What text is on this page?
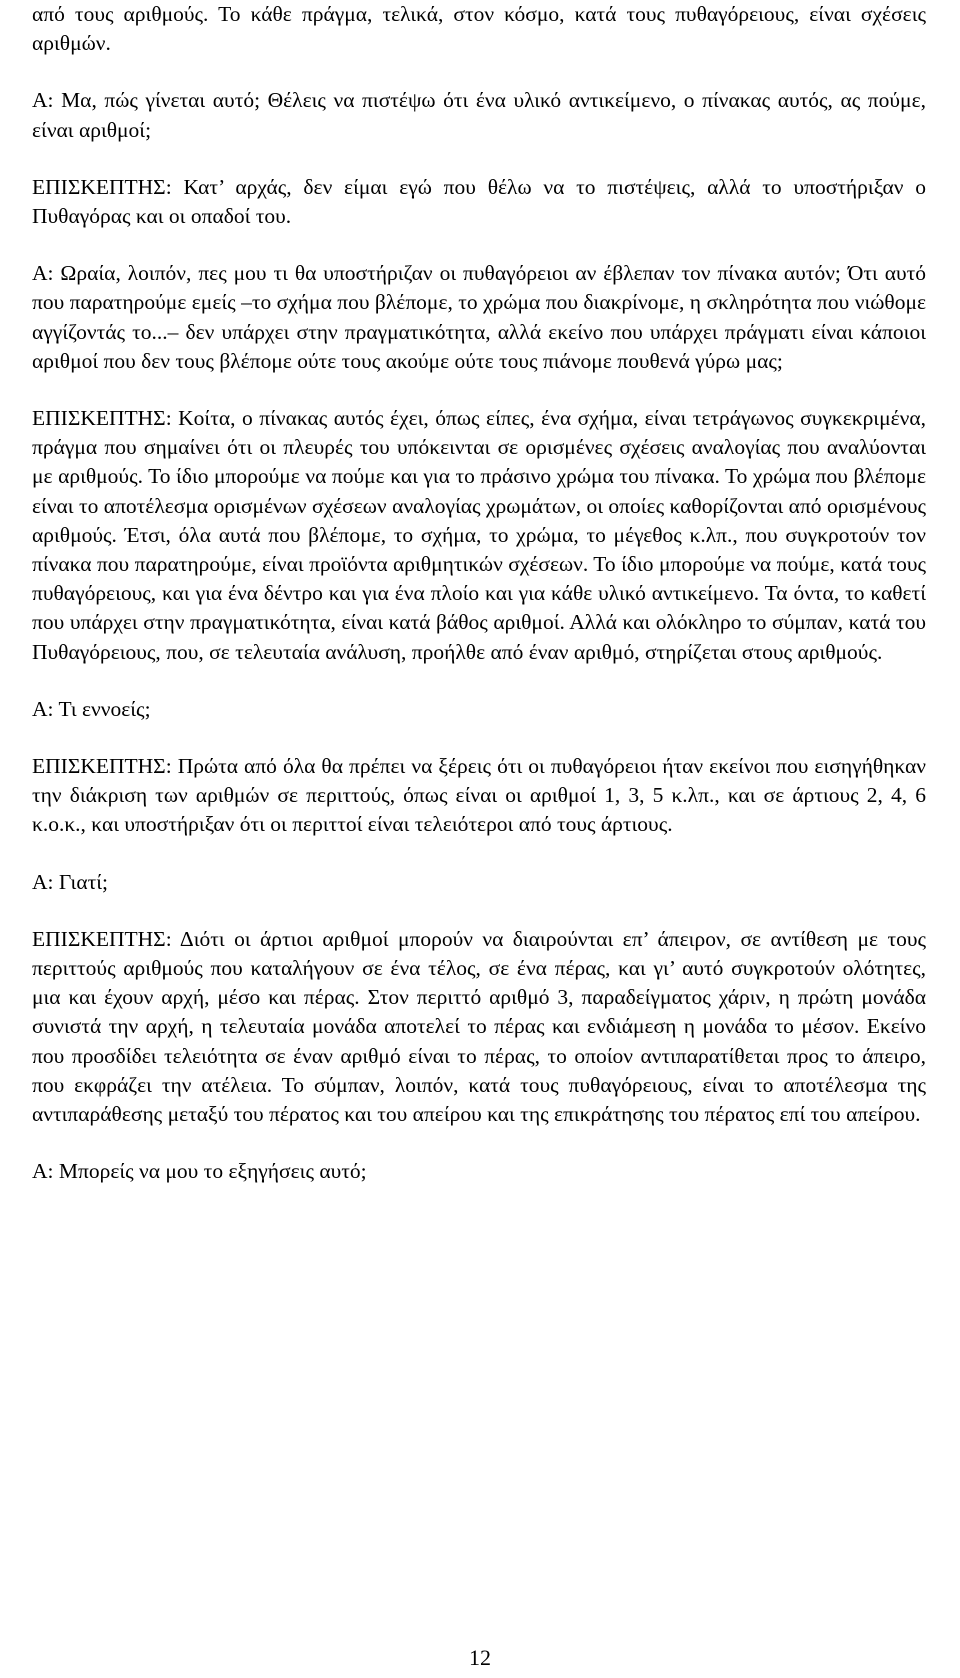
από τους αριθμούς. Το κάθε πράγμα, τελικά, στον κόσμο, κατά τους πυθαγόρειους, είναι σχέσεις αριθμών.

Α: Μα, πώς γίνεται αυτό; Θέλεις να πιστέψω ότι ένα υλικό αντικείμενο, ο πίνακας αυτός, ας πούμε, είναι αριθμοί;

ΕΠΙΣΚΕΠΤΗΣ: Κατ’ αρχάς, δεν είμαι εγώ που θέλω να το πιστέψεις, αλλά το υποστήριξαν ο Πυθαγόρας και οι οπαδοί του.

Α: Ωραία, λοιπόν, πες μου τι θα υποστήριζαν οι πυθαγόρειοι αν έβλεπαν τον πίνακα αυτόν; Ότι αυτό που παρατηρούμε εμείς –το σχήμα που βλέπομε, το χρώμα που διακρίνομε, η σκληρότητα που νιώθομε αγγίζοντάς το...– δεν υπάρχει στην πραγματικότητα, αλλά εκείνο που υπάρχει πράγματι είναι κάποιοι αριθμοί που δεν τους βλέπομε ούτε τους ακούμε ούτε τους πιάνομε πουθενά γύρω μας;

ΕΠΙΣΚΕΠΤΗΣ: Κοίτα, ο πίνακας αυτός έχει, όπως είπες, ένα σχήμα, είναι τετράγωνος συγκεκριμένα, πράγμα που σημαίνει ότι οι πλευρές του υπόκεινται σε ορισμένες σχέσεις αναλογίας που αναλύονται με αριθμούς. Το ίδιο μπορούμε να πούμε και για το πράσινο χρώμα του πίνακα. Το χρώμα που βλέπομε είναι το αποτέλεσμα ορισμένων σχέσεων αναλογίας χρωμάτων, οι οποίες καθορίζονται από ορισμένους αριθμούς. Έτσι, όλα αυτά που βλέπομε, το σχήμα, το χρώμα, το μέγεθος κ.λπ., που συγκροτούν τον πίνακα που παρατηρούμε, είναι προϊόντα αριθμητικών σχέσεων. Το ίδιο μπορούμε να πούμε, κατά τους πυθαγόρειους, και για ένα δέντρο και για ένα πλοίο και για κάθε υλικό αντικείμενο. Τα όντα, το καθετί που υπάρχει στην πραγματικότητα, είναι κατά βάθος αριθμοί. Αλλά και ολόκληρο το σύμπαν, κατά του Πυθαγόρειους, που, σε τελευταία ανάλυση, προήλθε από έναν αριθμό, στηρίζεται στους αριθμούς.

Α: Τι εννοείς;

ΕΠΙΣΚΕΠΤΗΣ: Πρώτα από όλα θα πρέπει να ξέρεις ότι οι πυθαγόρειοι ήταν εκείνοι που εισηγήθηκαν την διάκριση των αριθμών σε περιττούς, όπως είναι οι αριθμοί 1, 3, 5 κ.λπ., και σε άρτιους 2, 4, 6 κ.ο.κ., και υποστήριξαν ότι οι περιττοί είναι τελειότεροι από τους άρτιους.

Α: Γιατί;

ΕΠΙΣΚΕΠΤΗΣ: Διότι οι άρτιοι αριθμοί μπορούν να διαιρούνται επ’ άπειρον, σε αντίθεση με τους περιττούς αριθμούς που καταλήγουν σε ένα τέλος, σε ένα πέρας, και γι’ αυτό συγκροτούν ολότητες, μια και έχουν αρχή, μέσο και πέρας. Στον περιττό αριθμό 3, παραδείγματος χάριν, η πρώτη μονάδα συνιστά την αρχή, η τελευταία μονάδα αποτελεί το πέρας και ενδιάμεση η μονάδα το μέσον. Εκείνο που προσδίδει τελειότητα σε έναν αριθμό είναι το πέρας, το οποίον αντιπαρατίθεται προς το άπειρο, που εκφράζει την ατέλεια. Το σύμπαν, λοιπόν, κατά τους πυθαγόρειους, είναι το αποτέλεσμα της αντιπαράθεσης μεταξύ του πέρατος και του απείρου και της επικράτησης του πέρατος επί του απείρου.

Α: Μπορείς να μου το εξηγήσεις αυτό;

12
